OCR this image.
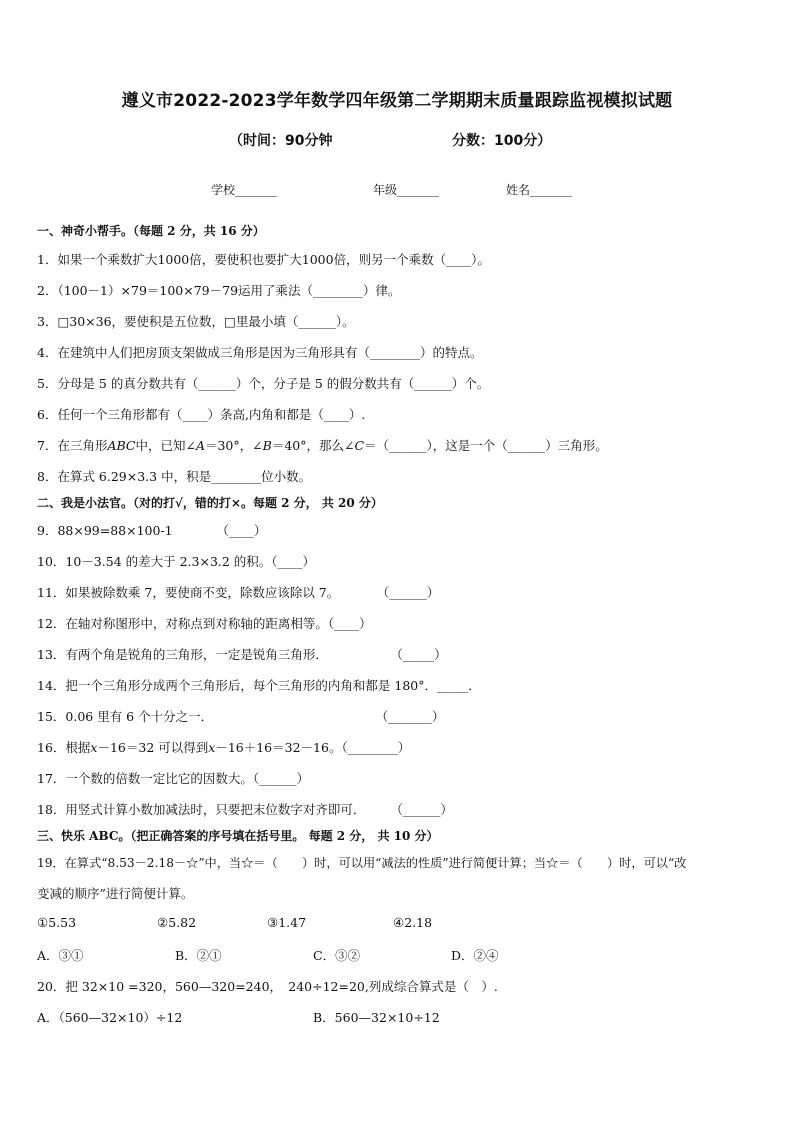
遵义市2022-2023学年数学四年级第二学期期末质量跟踪监视模拟试题
（时间：90分钟	分数：100分）
学校_______	年级_______	姓名_______
一、神奇小帮手。（每题 2 分，共 16 分）
1．如果一个乘数扩大1000倍，要使积也要扩大1000倍，则另一个乘数（____）。
2．（100－1）×79＝100×79－79运用了乘法（________）律。
3．□30×36，要使积是五位数，□里最小填（______）。
4．在建筑中人们把房顶支架做成三角形是因为三角形具有（________）的特点。
5．分母是 5 的真分数共有（______）个，分子是 5 的假分数共有（______）个。
6．任何一个三角形都有（____）条高,内角和都是（____）.
7．在三角形ABC中，已知∠A＝30°，∠B＝40°，那么∠C＝（______），这是一个（______）三角形。
8．在算式 6.29×3.3 中，积是________位小数。
二、我是小法官。（对的打√，错的打×。每题 2 分， 共 20 分）
9．88×99=88×100-1　　　　（____）
10．10－3.54 的差大于 2.3×3.2 的积。（____）
11．如果被除数乘 7，要使商不变，除数应该除以 7。　　　　（______）
12．在轴对称图形中，对称点到对称轴的距离相等。（____）
13．有两个角是锐角的三角形，一定是锐角三角形．　　　　　　（_____）
14．把一个三角形分成两个三角形后，每个三角形的内角和都是 180°．_____．
15．0.06 里有 6 个十分之一．　　　　　　　　　　　　　　（_______）
16．根据x－16＝32 可以得到x－16＋16＝32－16。（________）
17．一个数的倍数一定比它的因数大。（______）
18．用竖式计算小数加减法时，只要把末位数字对齐即可．　　　（______）
三、快乐 ABC。（把正确答案的序号填在括号里。 每题 2 分， 共 10 分）
19．在算式“8.53－2.18－☆”中，当☆＝（　　）时，可以用“减法的性质”进行简便计算；当☆＝（　　）时，可以“改
变减的顺序”进行简便计算。
①5.53	②5.82	③1.47	④2.18
A．③①	B．②①	C．③②	D．②④
20．把 32×10 =320，560—320=240，　240÷12=20,列成综合算式是（　）.
A．（560—32×10）÷12	B．560—32×10÷12
